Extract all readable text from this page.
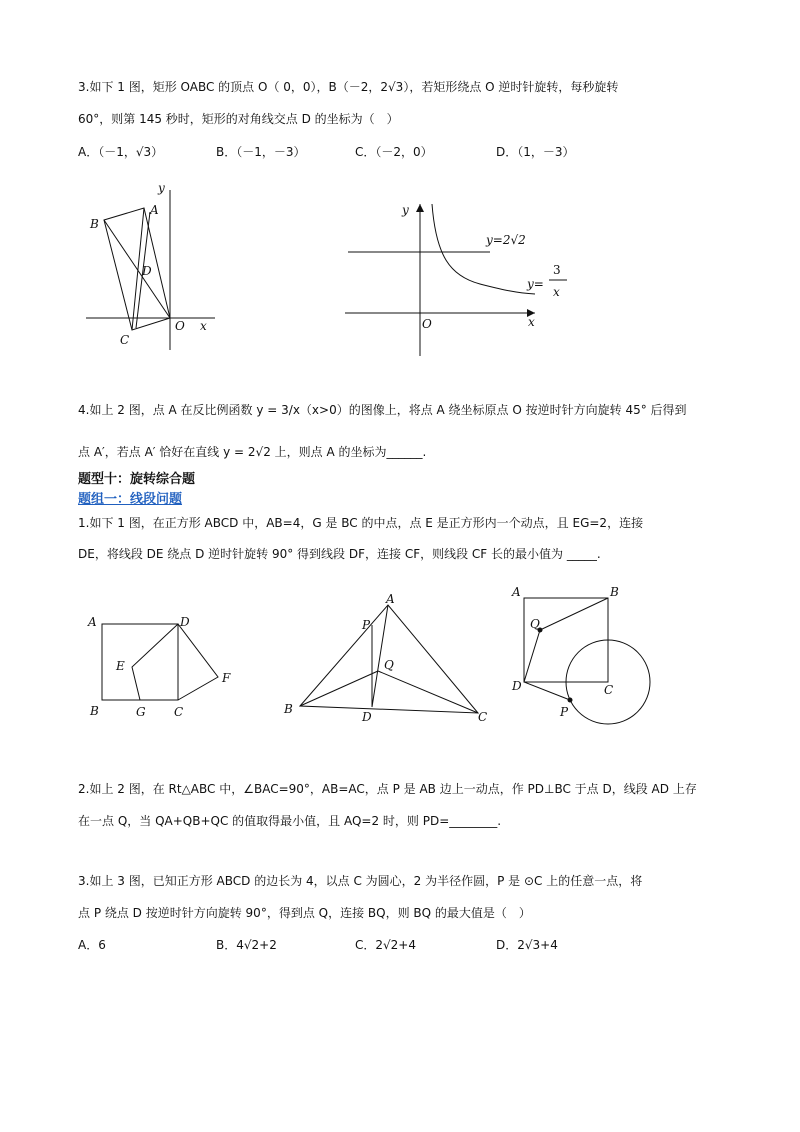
3.如下 1 图，矩形 OABC 的顶点 O（ 0，0），B（－2，2√3），若矩形绕点 O 逆时针旋转，每秒旋转
60°，则第 145 秒时，矩形的对角线交点 D 的坐标为（　）
A．（－1，√3）	B．（－1，－3）	C．（－2，0）	D．（1，－3）
y
A
B
D
C
O x
y
y=2√2
y=
O	x
3
x
4.如上 2 图，点 A 在反比例函数 y = 3/x（x>0）的图像上，将点 A 绕坐标原点 O 按逆时针方向旋转 45° 后得到
点 A′，若点 A′ 恰好在直线 y = 2√2 上，则点 A 的坐标为______.
题型十：旋转综合题
题组一：线段问题
1.如下 1 图，在正方形 ABCD 中，AB=4，G 是 BC 的中点，点 E 是正方形内一个动点，且 EG=2，连接
DE，将线段 DE 绕点 D 逆时针旋转 90° 得到线段 DF，连接 CF，则线段 CF 长的最小值为 _____.
A	D
E
F
B	G C
A
P
Q
B
D	C
A	B
Q
D	C
P
2.如上 2 图，在 Rt△ABC 中，∠BAC=90°，AB=AC，点 P 是 AB 边上一动点，作 PD⊥BC 于点 D，线段 AD 上存
在一点 Q，当 QA+QB+QC 的值取得最小值，且 AQ=2 时，则 PD=________.
3.如上 3 图，已知正方形 ABCD 的边长为 4，以点 C 为圆心，2 为半径作圆，P 是 ⊙C 上的任意一点，将
点 P 绕点 D 按逆时针方向旋转 90°，得到点 Q，连接 BQ，则 BQ 的最大值是（　）
A．6	B．4√2+2	C．2√2+4	D．2√3+4
